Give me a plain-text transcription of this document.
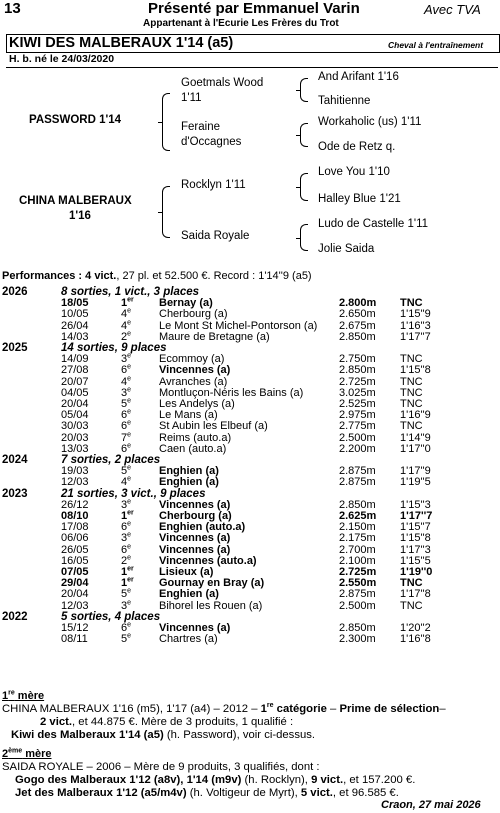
13	Présenté par Emmanuel Varin	Avec TVA
Appartenant à l'Ecurie Les Frères du Trot
KIWI DES MALBERAUX 1'14 (a5)	Cheval à l'entraînement
H. b. né le 24/03/2020
PASSWORD 1'14
Goetmals Wood
1'11
Feraine
d'Occagnes
And Arifant 1'16
Tahitienne
Workaholic (us) 1'11
Ode de Retz q.
CHINA MALBERAUX
1'16
Rocklyn 1'11
Saida Royale
Love You 1'10
Halley Blue 1'21
Ludo de Castelle 1'11
Jolie Saida
Performances : 4 vict., 27 pl. et 52.500 €. Record : 1'14''9 (a5)
2026	8 sorties, 1 vict., 3 places				
	18/05	1er	Bernay (a)	2.800m	TNC
	10/05	4e	Cherbourg (a)	2.650m	1'15''9
	26/04	4e	Le Mont St Michel-Pontorson (a)	2.675m	1'16''3
	14/03	2e	Maure de Bretagne (a)	2.850m	1'17''7
2025	14 sorties, 9 places				
	14/09	3e	Ecommoy (a)	2.750m	TNC
	27/08	6e	Vincennes (a)	2.850m	1'15''8
	20/07	4e	Avranches (a)	2.725m	TNC
	04/05	3e	Montluçon-Néris les Bains (a)	3.025m	TNC
	20/04	5e	Les Andelys (a)	2.525m	TNC
	05/04	6e	Le Mans (a)	2.975m	1'16''9
	30/03	6e	St Aubin les Elbeuf (a)	2.775m	TNC
	20/03	7e	Reims (auto.a)	2.500m	1'14''9
	13/03	6e	Caen (auto.a)	2.200m	1'17''0
2024	7 sorties, 2 places				
	19/03	5e	Enghien (a)	2.875m	1'17''9
	12/03	4e	Enghien (a)	2.875m	1'19''5
2023	21 sorties, 3 vict., 9 places				
	26/12	3e	Vincennes (a)	2.850m	1'15''3
	08/10	1er	Cherbourg (a)	2.625m	1'17''7
	17/08	6e	Enghien (auto.a)	2.150m	1'15''7
	06/06	3e	Vincennes (a)	2.175m	1'15''8
	26/05	6e	Vincennes (a)	2.700m	1'17''3
	16/05	2e	Vincennes (auto.a)	2.100m	1'15''5
	07/05	1er	Lisieux (a)	2.725m	1'19''0
	29/04	1er	Gournay en Bray (a)	2.550m	TNC
	20/04	5e	Enghien (a)	2.875m	1'17''8
	12/03	3e	Bihorel les Rouen (a)	2.500m	TNC
2022	5 sorties, 4 places				
	15/12	6e	Vincennes (a)	2.850m	1'20''2
	08/11	5e	Chartres (a)	2.300m	1'16''8
1re mère
CHINA MALBERAUX 1'16 (m5), 1'17 (a4) – 2012 – 1re catégorie – Prime de sélection–
2 vict., et 44.875 €. Mère de 3 produits, 1 qualifié :
Kiwi des Malberaux 1'14 (a5) (h. Password), voir ci-dessus.
2ème mère
SAIDA ROYALE – 2006 – Mère de 9 produits, 3 qualifiés, dont :
Gogo des Malberaux 1'12 (a8v), 1'14 (m9v) (h. Rocklyn), 9 vict., et 157.200 €.
Jet des Malberaux 1'12 (a5/m4v) (h. Voltigeur de Myrt), 5 vict., et 96.585 €.
Craon, 27 mai 2026
